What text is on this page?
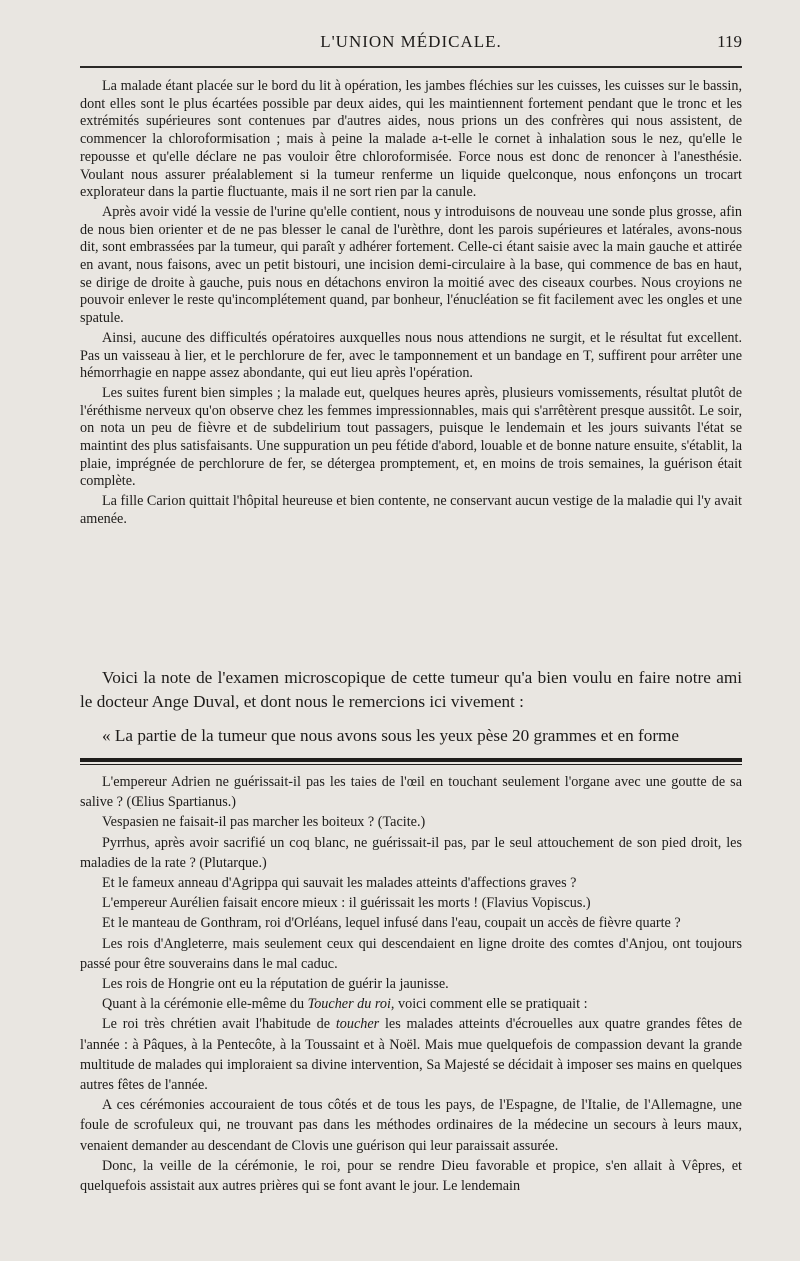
L'UNION MÉDICALE.	119

La malade étant placée sur le bord du lit à opération, les jambes fléchies sur les cuisses, les cuisses sur le bassin, dont elles sont le plus écartées possible par deux aides, qui les maintiennent fortement pendant que le tronc et les extrémités supérieures sont contenues par d'autres aides, nous prions un des confrères qui nous assistent, de commencer la chloroformisation ; mais à peine la malade a-t-elle le cornet à inhalation sous le nez, qu'elle le repousse et qu'elle déclare ne pas vouloir être chloroformisée. Force nous est donc de renoncer à l'anesthésie. Voulant nous assurer préalablement si la tumeur renferme un liquide quelconque, nous enfonçons un trocart explorateur dans la partie fluctuante, mais il ne sort rien par la canule.

Après avoir vidé la vessie de l'urine qu'elle contient, nous y introduisons de nouveau une sonde plus grosse, afin de nous bien orienter et de ne pas blesser le canal de l'urèthre, dont les parois supérieures et latérales, avons-nous dit, sont embrassées par la tumeur, qui paraît y adhérer fortement. Celle-ci étant saisie avec la main gauche et attirée en avant, nous faisons, avec un petit bistouri, une incision demi-circulaire à la base, qui commence de bas en haut, se dirige de droite à gauche, puis nous en détachons environ la moitié avec des ciseaux courbes. Nous croyions ne pouvoir enlever le reste qu'incomplétement quand, par bonheur, l'énucléation se fit facilement avec les ongles et une spatule.

Ainsi, aucune des difficultés opératoires auxquelles nous nous attendions ne surgit, et le résultat fut excellent. Pas un vaisseau à lier, et le perchlorure de fer, avec le tamponnement et un bandage en T, suffirent pour arrêter une hémorrhagie en nappe assez abondante, qui eut lieu après l'opération.

Les suites furent bien simples ; la malade eut, quelques heures après, plusieurs vomissements, résultat plutôt de l'éréthisme nerveux qu'on observe chez les femmes impressionnables, mais qui s'arrêtèrent presque aussitôt. Le soir, on nota un peu de fièvre et de subdelirium tout passagers, puisque le lendemain et les jours suivants l'état se maintint des plus satisfaisants. Une suppuration un peu fétide d'abord, louable et de bonne nature ensuite, s'établit, la plaie, imprégnée de perchlorure de fer, se détergea promptement, et, en moins de trois semaines, la guérison était complète.

La fille Carion quittait l'hôpital heureuse et bien contente, ne conservant aucun vestige de la maladie qui l'y avait amenée.

Voici la note de l'examen microscopique de cette tumeur qu'a bien voulu en faire notre ami le docteur Ange Duval, et dont nous le remercions ici vivement :

« La partie de la tumeur que nous avons sous les yeux pèse 20 grammes et en forme

L'empereur Adrien ne guérissait-il pas les taies de l'œil en touchant seulement l'organe avec une goutte de sa salive ? (Œlius Spartianus.)

Vespasien ne faisait-il pas marcher les boiteux ? (Tacite.)

Pyrrhus, après avoir sacrifié un coq blanc, ne guérissait-il pas, par le seul attouchement de son pied droit, les maladies de la rate ? (Plutarque.)

Et le fameux anneau d'Agrippa qui sauvait les malades atteints d'affections graves ?

L'empereur Aurélien faisait encore mieux : il guérissait les morts ! (Flavius Vopiscus.)

Et le manteau de Gonthram, roi d'Orléans, lequel infusé dans l'eau, coupait un accès de fièvre quarte ?

Les rois d'Angleterre, mais seulement ceux qui descendaient en ligne droite des comtes d'Anjou, ont toujours passé pour être souverains dans le mal caduc.

Les rois de Hongrie ont eu la réputation de guérir la jaunisse.

Quant à la cérémonie elle-même du Toucher du roi, voici comment elle se pratiquait :

Le roi très chrétien avait l'habitude de toucher les malades atteints d'écrouelles aux quatre grandes fêtes de l'année : à Pâques, à la Pentecôte, à la Toussaint et à Noël. Mais mue quelquefois de compassion devant la grande multitude de malades qui imploraient sa divine intervention, Sa Majesté se décidait à imposer ses mains en quelques autres fêtes de l'année.

A ces cérémonies accouraient de tous côtés et de tous les pays, de l'Espagne, de l'Italie, de l'Allemagne, une foule de scrofuleux qui, ne trouvant pas dans les méthodes ordinaires de la médecine un secours à leurs maux, venaient demander au descendant de Clovis une guérison qui leur paraissait assurée.

Donc, la veille de la cérémonie, le roi, pour se rendre Dieu favorable et propice, s'en allait à Vêpres, et quelquefois assistait aux autres prières qui se font avant le jour. Le lendemain
